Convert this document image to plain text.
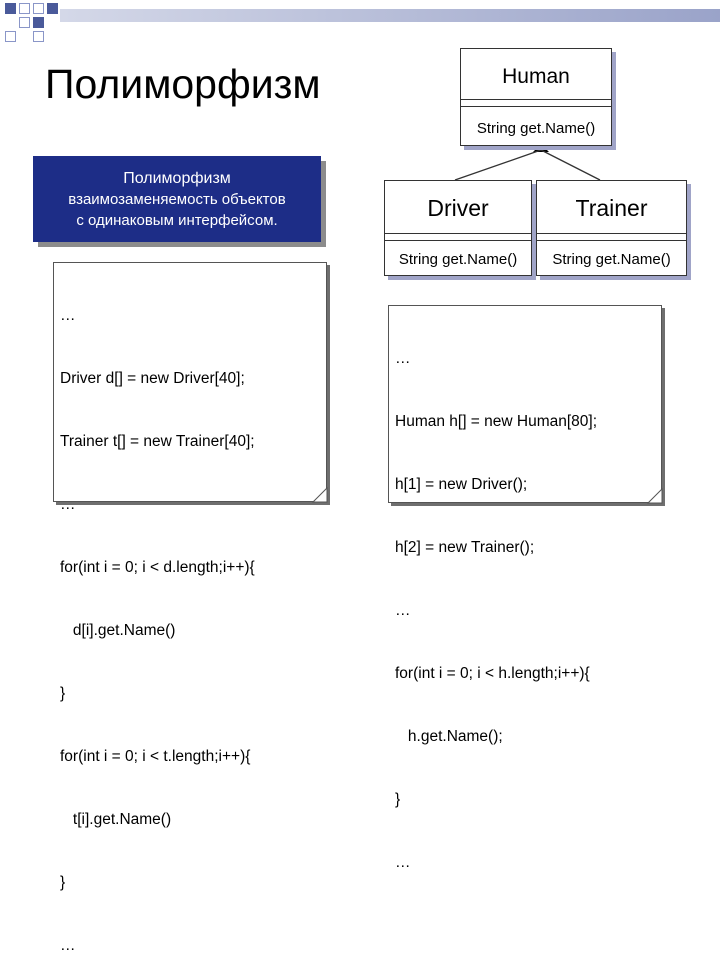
Полиморфизм
Полиморфизм
взаимозаменяемость объектов
с одинаковым интерфейсом.
Human
String get.Name()
Driver
String get.Name()
Trainer
String get.Name()

…

Driver d[] = new Driver[40];

Trainer t[] = new Trainer[40];

…

for(int i = 0; i < d.length;i++){

d[i].get.Name()

}

for(int i = 0; i < t.length;i++){

t[i].get.Name()

}

…

…

Human h[] = new Human[80];

h[1] = new Driver();

h[2] = new Trainer();

…

for(int i = 0; i < h.length;i++){

h.get.Name();

}

…
